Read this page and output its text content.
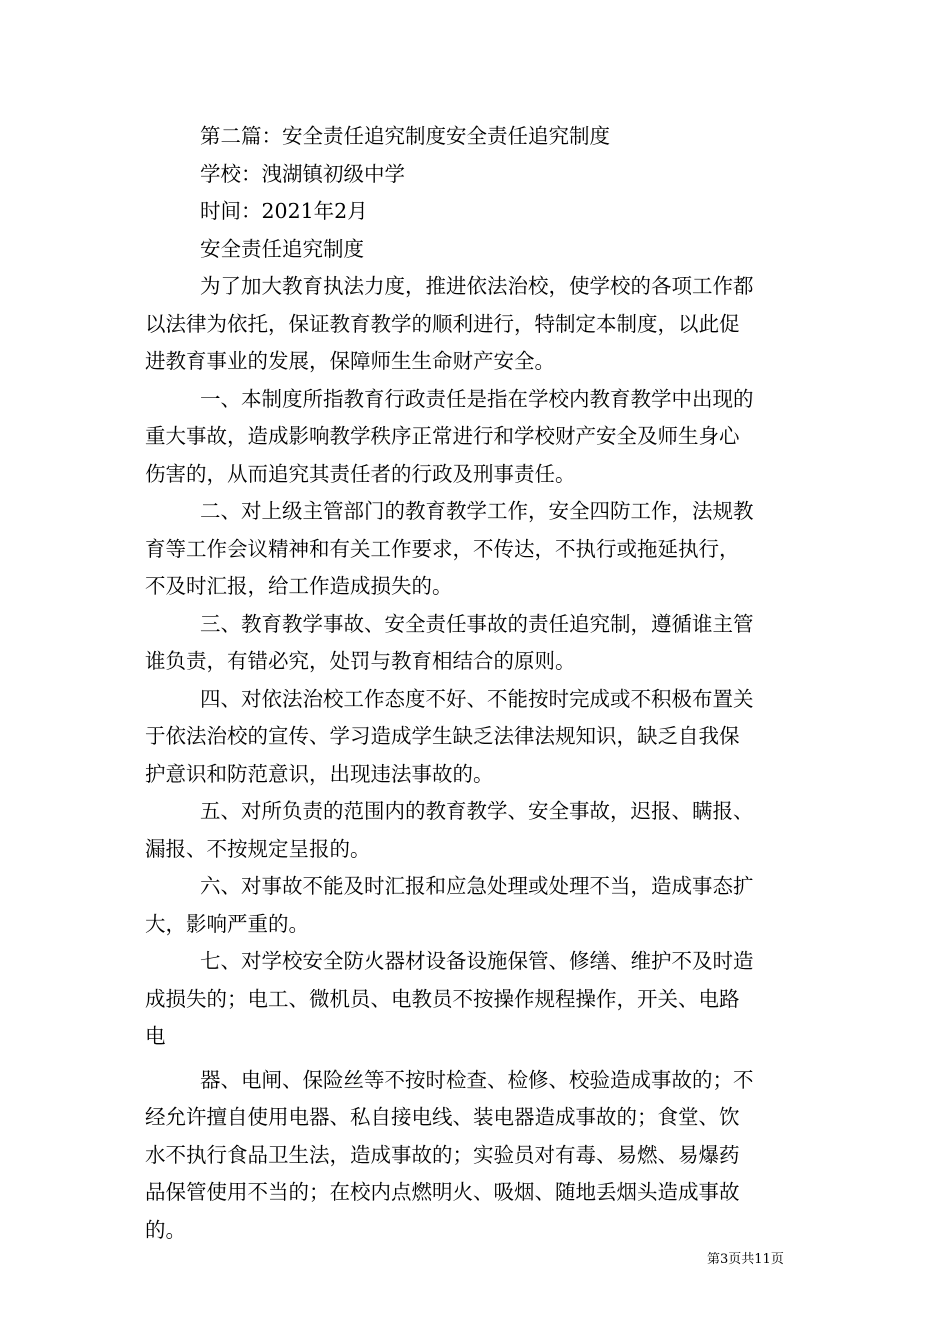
第二篇：安全责任追究制度安全责任追究制度

学校：洩湖镇初级中学

时间：2021年2月

安全责任追究制度

为了加大教育执法力度，推进依法治校，使学校的各项工作都
以法律为依托，保证教育教学的顺利进行，特制定本制度，以此促
进教育事业的发展，保障师生生命财产安全。
一、本制度所指教育行政责任是指在学校内教育教学中出现的
重大事故，造成影响教学秩序正常进行和学校财产安全及师生身心
伤害的，从而追究其责任者的行政及刑事责任。
二、对上级主管部门的教育教学工作，安全四防工作，法规教
育等工作会议精神和有关工作要求，不传达，不执行或拖延执行，
不及时汇报，给工作造成损失的。
三、教育教学事故、安全责任事故的责任追究制，遵循谁主管
谁负责，有错必究，处罚与教育相结合的原则。
四、对依法治校工作态度不好、不能按时完成或不积极布置关
于依法治校的宣传、学习造成学生缺乏法律法规知识，缺乏自我保
护意识和防范意识，出现违法事故的。
五、对所负责的范围内的教育教学、安全事故，迟报、瞒报、
漏报、不按规定呈报的。
六、对事故不能及时汇报和应急处理或处理不当，造成事态扩
大，影响严重的。
七、对学校安全防火器材设备设施保管、修缮、维护不及时造
成损失的；电工、微机员、电教员不按操作规程操作，开关、电路
电
器、电闸、保险丝等不按时检查、检修、校验造成事故的；不
经允许擅自使用电器、私自接电线、装电器造成事故的；食堂、饮
水不执行食品卫生法，造成事故的；实验员对有毒、易燃、易爆药
品保管使用不当的；在校内点燃明火、吸烟、随地丢烟头造成事故
的。
第3页共11页
